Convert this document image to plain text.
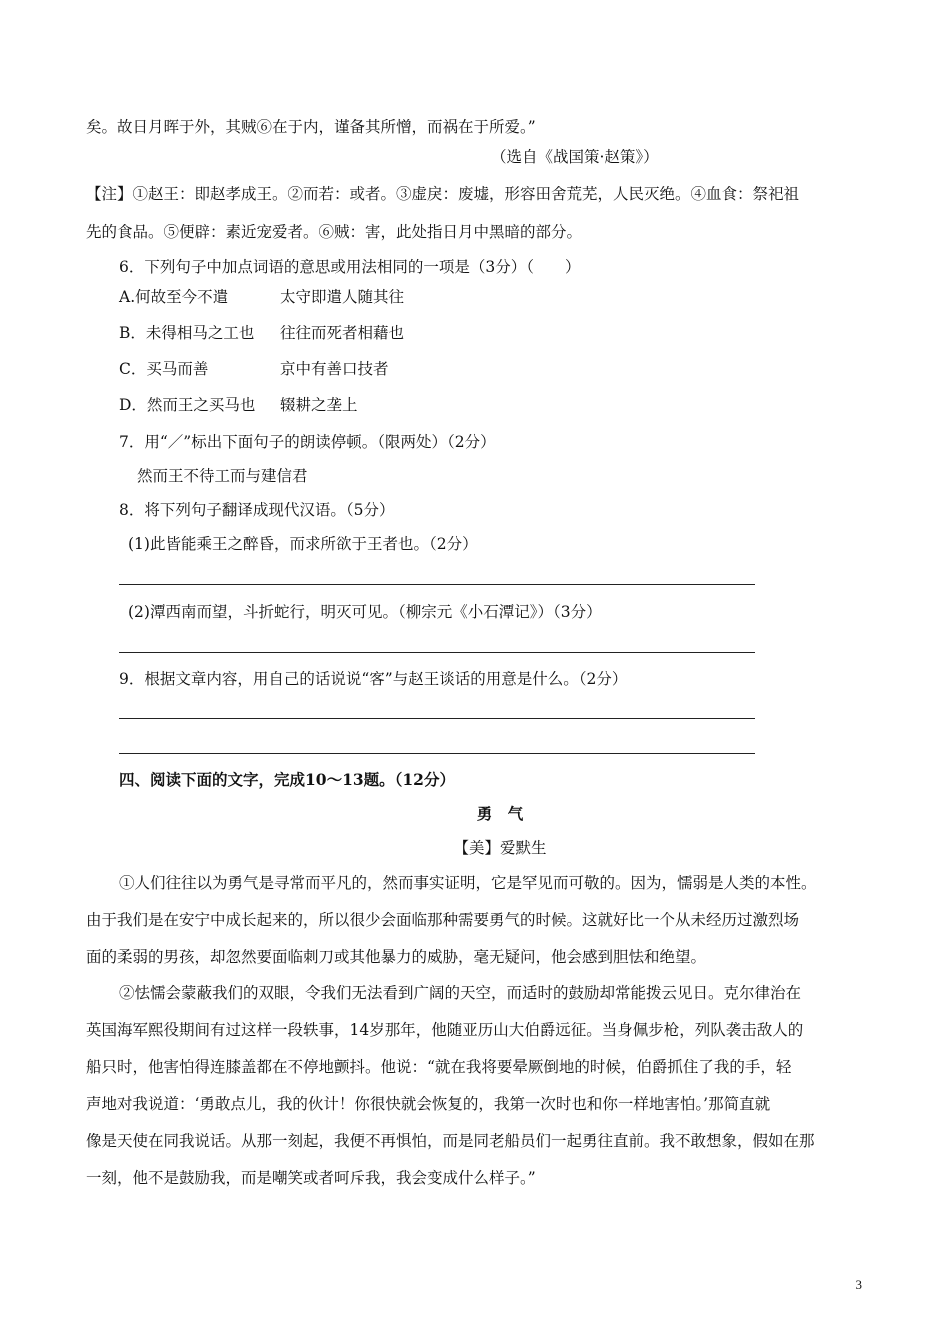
矣。故日月晖于外，其贼⑥在于内，谨备其所憎，而祸在于所爱。”
（选自《战国策·赵策》）
【注】①赵王：即赵孝成王。②而若：或者。③虚戾：废墟，形容田舍荒芜，人民灭绝。④血食：祭祀祖
先的食品。⑤便辟：素近宠爱者。⑥贼：害，此处指日月中黑暗的部分。
6．下列句子中加点词语的意思或用法相同的一项是（3分）（　　）
A.何故至今不遣	太守即遣人随其往
B．未得相马之工也 往往而死者相藉也
C．买马而善	京中有善口技者
D．然而王之买马也 辍耕之垄上
7．用“／”标出下面句子的朗读停顿。（限两处）（2分）
然而王不待工而与建信君
8．将下列句子翻译成现代汉语。（5分）
(1)此皆能乘王之醉昏，而求所欲于王者也。（2分）
(2)潭西南而望，斗折蛇行，明灭可见。（柳宗元《小石潭记》）（3分）
9．根据文章内容，用自己的话说说“客”与赵王谈话的用意是什么。（2分）
四、阅读下面的文字，完成10～13题。（12分）
勇　气
【美】爱默生
①人们往往以为勇气是寻常而平凡的，然而事实证明，它是罕见而可敬的。因为，懦弱是人类的本性。
由于我们是在安宁中成长起来的，所以很少会面临那种需要勇气的时候。这就好比一个从未经历过激烈场
面的柔弱的男孩，却忽然要面临刺刀或其他暴力的威胁，毫无疑问，他会感到胆怯和绝望。
②怯懦会蒙蔽我们的双眼，令我们无法看到广阔的天空，而适时的鼓励却常能拨云见日。克尔律治在
英国海军熙役期间有过这样一段轶事，14岁那年，他随亚历山大伯爵远征。当身佩步枪，列队袭击敌人的
船只时，他害怕得连膝盖都在不停地颤抖。他说：“就在我将要晕厥倒地的时候，伯爵抓住了我的手，轻
声地对我说道：‘勇敢点儿，我的伙计！你很快就会恢复的，我第一次时也和你一样地害怕。’那简直就
像是天使在同我说话。从那一刻起，我便不再惧怕，而是同老船员们一起勇往直前。我不敢想象，假如在那
一刻，他不是鼓励我，而是嘲笑或者呵斥我，我会变成什么样子。”
3
